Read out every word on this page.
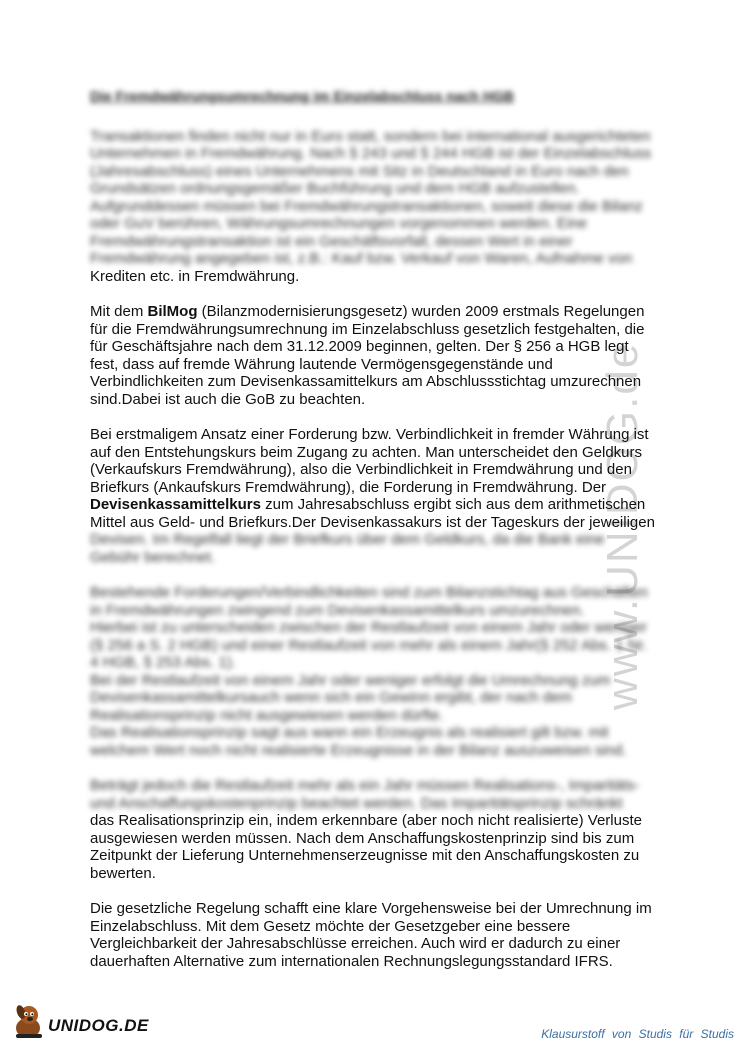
www.UNIDOG.de
Die Fremdwährungsumrechnung im Einzelabschluss nach HGB

Transaktionen finden nicht nur in Euro statt, sondern bei international ausgerichteten

Unternehmen in Fremdwährung. Nach § 243 und § 244 HGB ist der Einzelabschluss

(Jahresabschluss) eines Unternehmens mit Sitz in Deutschland in Euro nach den

Grundsätzen ordnungsgemäßer Buchführung und dem HGB aufzustellen.

Aufgrunddessen müssen bei Fremdwährungstransaktionen, soweit diese die Bilanz

oder GuV berühren, Währungsumrechnungen vorgenommen werden. Eine

Fremdwährungstransaktion ist ein Geschäftsvorfall, dessen Wert in einer

Fremdwährung angegeben ist, z.B.: Kauf bzw. Verkauf von Waren, Aufnahme von

Krediten etc. in Fremdwährung.

Mit dem BilMog (Bilanzmodernisierungsgesetz) wurden 2009 erstmals Regelungen

für die Fremdwährungsumrechnung im Einzelabschluss gesetzlich festgehalten, die

für Geschäftsjahre nach dem 31.12.2009 beginnen, gelten. Der § 256 a HGB legt

fest, dass auf fremde Währung lautende Vermögensgegenstände und

Verbindlichkeiten zum Devisenkassamittelkurs am Abschlussstichtag umzurechnen

sind.Dabei ist auch die GoB zu beachten.

Bei erstmaligem Ansatz einer Forderung bzw. Verbindlichkeit in fremder Währung ist

auf den Entstehungskurs beim Zugang zu achten. Man unterscheidet den Geldkurs

(Verkaufskurs Fremdwährung), also die Verbindlichkeit in Fremdwährung und den

Briefkurs (Ankaufskurs Fremdwährung), die Forderung in Fremdwährung. Der

Devisenkassamittelkurs zum Jahresabschluss ergibt sich aus dem arithmetischen

Mittel aus Geld- und Briefkurs.Der Devisenkassakurs ist der Tageskurs der jeweiligen

Devisen. Im Regelfall liegt der Briefkurs über dem Geldkurs, da die Bank eine

Gebühr berechnet.

Bestehende Forderungen/Verbindlichkeiten sind zum Bilanzstichtag aus Geschäften

in Fremdwährungen zwingend zum Devisenkassamittelkurs umzurechnen.

Hierbei ist zu unterscheiden zwischen der Restlaufzeit von einem Jahr oder weniger

(§ 256 a S. 2 HGB) und einer Restlaufzeit von mehr als einem Jahr(§ 252 Abs. 1 Nr.

4 HGB, § 253 Abs. 1).

Bei der Restlaufzeit von einem Jahr oder weniger erfolgt die Umrechnung zum

Devisenkassamittelkursauch wenn sich ein Gewinn ergibt, der nach dem

Realisationsprinzip nicht ausgewiesen werden dürfte.

Das Realisationsprinzip sagt aus wann ein Erzeugnis als realisiert gilt bzw. mit

welchem Wert noch nicht realisierte Erzeugnisse in der Bilanz auszuweisen sind.

Beträgt jedoch die Restlaufzeit mehr als ein Jahr müssen Realisations-, Imparitäts-

und Anschaffungskostenprinzip beachtet werden. Das Imparitätsprinzip schränkt

das Realisationsprinzip ein, indem erkennbare (aber noch nicht realisierte) Verluste

ausgewiesen werden müssen. Nach dem Anschaffungskostenprinzip sind bis zum

Zeitpunkt der Lieferung Unternehmenserzeugnisse mit den Anschaffungskosten zu

bewerten.

Die gesetzliche Regelung schafft eine klare Vorgehensweise bei der Umrechnung im

Einzelabschluss. Mit dem Gesetz möchte der Gesetzgeber eine bessere

Vergleichbarkeit der Jahresabschlüsse erreichen. Auch wird er dadurch zu einer

dauerhaften Alternative zum internationalen Rechnungslegungsstandard IFRS.

UNIDOG.DE	Klausurstoff von Studis für Studis
